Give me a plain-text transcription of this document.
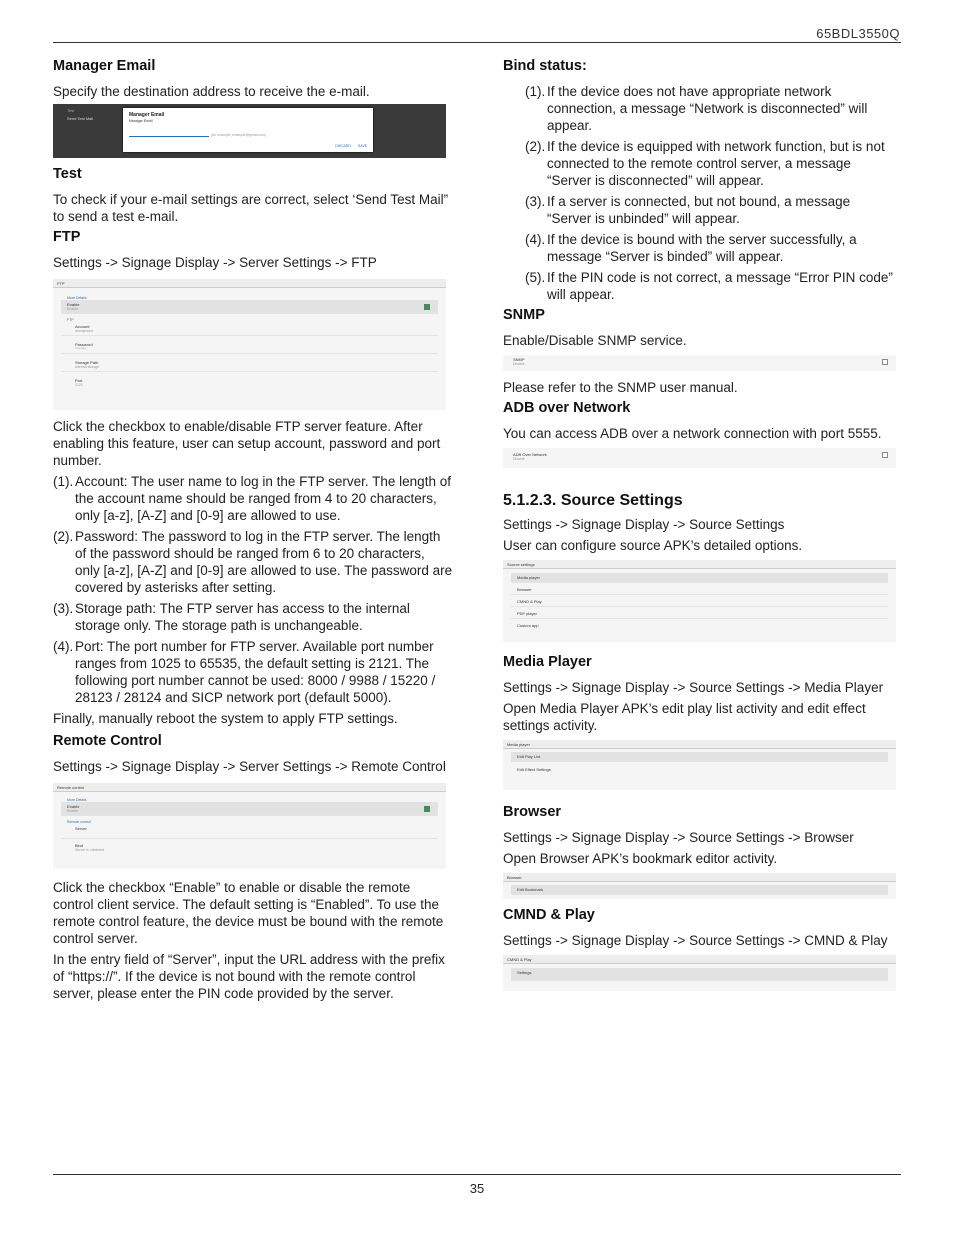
65BDL3550Q
Manager Email

Specify the destination address to receive the e-mail.

Test
Send Test Mail
Manager Email
Manager Email
(for example, example@gmail.com)
DISCARD SAVE
Test

To check if your e-mail settings are correct, select ‘Send Test Mail” to send a test e-mail.

FTP

Settings -> Signage Display -> Server Settings -> FTP

FTP
More Details
Enable
Enable
FTP
Account
anonymous
Password
********
Storage Path
Internal storage
Port
2121

Click the checkbox to enable/disable FTP server feature. After enabling this feature, user can setup account, password and port number.

(1). Account: The user name to log in the FTP server. The length of the account name should be ranged from 4 to 20 characters, only [a-z], [A-Z] and [0-9] are allowed to use.
(2). Password: The password to log in the FTP server. The length of the password should be ranged from 6 to 20 characters, only [a-z], [A-Z] and [0-9] are allowed to use. The password are covered by asterisks after setting.
(3). Storage path: The FTP server has access to the internal storage only. The storage path is unchangeable.
(4). Port: The port number for FTP server. Available port number ranges from 1025 to 65535, the default setting is 2121. The following port number cannot be used: 8000 / 9988 / 15220 / 28123 / 28124 and SICP network port (default 5000).

Finally, manually reboot the system to apply FTP settings.

Remote Control

Settings -> Signage Display -> Server Settings -> Remote Control

Remote control
More Details
Enable
Enable
Remote control
Server
Bind
Server is unbinded

Click the checkbox “Enable” to enable or disable the remote control client service. The default setting is “Enabled”. To use the remote control feature, the device must be bound with the remote control server.

In the entry field of “Server”, input the URL address with the prefix of “https://”. If the device is not bound with the remote control server, please enter the PIN code provided by the server.

Bind status:
(1). If the device does not have appropriate network connection, a message “Network is disconnected” will appear.
(2). If the device is equipped with network function, but is not connected to the remote control server, a message “Server is disconnected” will appear.
(3). If a server is connected, but not bound, a message “Server is unbinded” will appear.
(4). If the device is bound with the server successfully, a message “Server is binded” will appear.
(5). If the PIN code is not correct, a message “Error PIN code” will appear.
SNMP

Enable/Disable SNMP service.

SNMP
Disable

Please refer to the SNMP user manual.

ADB over Network

You can access ADB over a network connection with port 5555.

ADB Over Network
Disable
5.1.2.3. Source Settings

Settings -> Signage Display -> Source Settings

User can configure source APK’s detailed options.

Source settings
Media player
Browser
CMND & Play
PDF player
Custom app
Media Player

Settings -> Signage Display -> Source Settings -> Media Player

Open Media Player APK’s edit play list activity and edit effect settings activity.

Media player
Edit Play List
Edit Effect Settings
Browser

Settings -> Signage Display -> Source Settings -> Browser

Open Browser APK’s bookmark editor activity.

Browser
Edit Bookmark
CMND & Play

Settings -> Signage Display -> Source Settings -> CMND & Play

CMND & Play
Settings
35
